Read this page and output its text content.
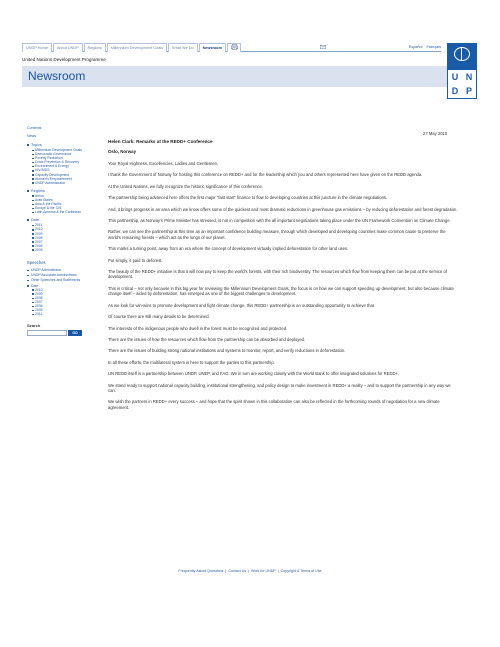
UNDP Home	About UNDP	Regions	Millennium Development Goals	What We Do	Newsroom	Español Français
United Nations Development Programme
Newsroom	U N
D P
Contents
News
Topics
Millennium Development Goals
Democratic Governance
Poverty Reduction
Crisis Prevention & Recovery
Environment & Energy
HIV/AIDS
Capacity Development
Women's Empowerment
UNDP Administrator
Regions
Africa
Arab States
Asia & the Pacific
Europe & the CIS
Latin America & the Caribbean
Date
2011
2010
2009
2008
2007
2006
2005
Speeches
UNDP Administrator
UNDP Associate Administrator
Other Speeches and Statements
Date
2010
2009
2008
2007
2006
2005
2011
Search
GO
27 May 2010
Helen Clark: Remarks at the REDD+ Conference
Oslo, Norway

Your Royal Highness, Excellencies, Ladies and Gentlemen,

I thank the Government of Norway for hosting this conference on REDD+ and for the leadership which you and others represented here have given on the REDD agenda.

At the United Nations, we fully recognize the historic significance of this conference.

The partnership being advanced here offers the first major "fast start" finance to flow to developing countries at this juncture in the climate negotiations.

And, it brings progress in an area which we know offers some of the quickest and most dramatic reductions in greenhouse gas emissions – by reducing deforestation and forest degradation.

This partnership, as Norway's Prime Minister has stressed, is not in competition with the all important negotiations taking place under the UN Framework Convention on Climate Change.

Rather, we can see the partnership at this time as an important confidence building measure, through which developed and developing countries make common cause to preserve the world's remaining forests – which act as the lungs of our planet.

This marks a turning point, away from an era where the concept of development virtually implied deforestation for other land uses.

Put simply, it paid to deforest.

The beauty of the REDD+ initiative is that it will now pay to keep the world's forests, with their rich biodiversity. The resources which flow from keeping them can be put at the service of development.

This is critical – not only because in this big year for reviewing the Millennium Development Goals, the focus is on how we can support speeding up development, but also because climate change itself – aided by deforestation, has emerged as one of the biggest challenges to development.

As we look for win-wins to promote development and fight climate change, this REDD+ partnership is an outstanding opportunity to achieve that.

Of course there are still many details to be determined.

The interests of the indigenous people who dwell in the forest must be recognized and protected.

There are the issues of how the resources which flow from the partnership can be absorbed and deployed.

There are the issues of building strong national institutions and systems to monitor, report, and verify reductions in deforestation.

In all these efforts, the multilateral system is here to support the parties to this partnership.

UN REDD itself is a partnership between UNDP, UNEP, and FAO. We in turn are working closely with the World Bank to offer integrated solutions for REDD+.

We stand ready to support national capacity building, institutional strengthening, and policy design to make investment in REDD+ a reality – and to support the partnership in any way we can.

We wish the partners in REDD+ every success – and hope that the spirit shown in this collaboration can also be reflected in the forthcoming rounds of negotiation for a new climate agreement.

Frequently Asked Questions | Contact Us | Work for UNDP | Copyright & Terms of Use
